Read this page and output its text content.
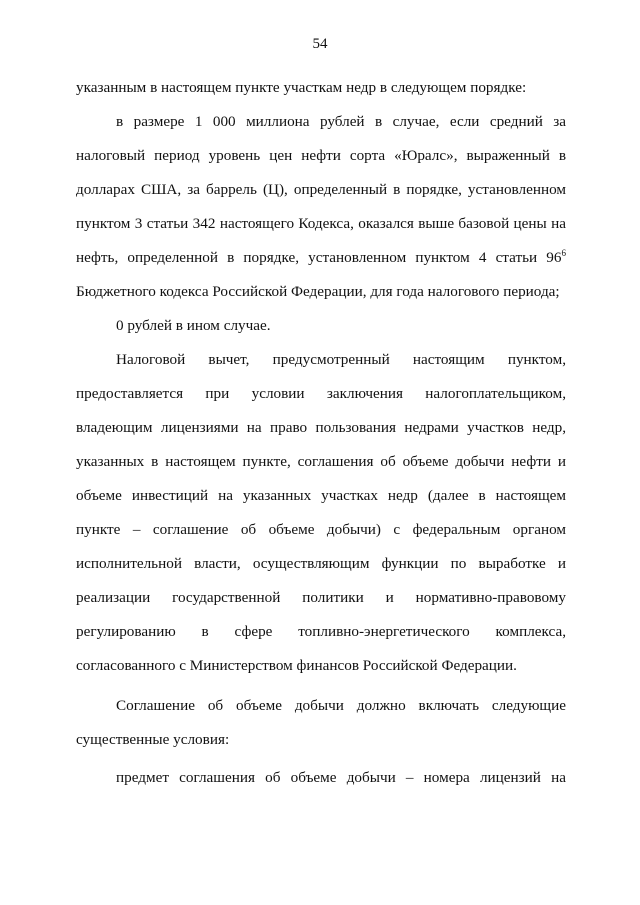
54
указанным в настоящем пункте участкам недр в следующем порядке:
в размере 1 000 миллиона рублей в случае, если средний за
налоговый период уровень цен нефти сорта «Юралс», выраженный в
долларах США, за баррель (Ц), определенный в порядке, установленном
пунктом 3 статьи 342 настоящего Кодекса, оказался выше базовой цены на
нефть, определенной в порядке, установленном пунктом 4 статьи $96^6$
Бюджетного кодекса Российской Федерации, для года налогового периода;
0 рублей в ином случае.
Налоговой вычет, предусмотренный настоящим пунктом,
предоставляется при условии заключения налогоплательщиком,
владеющим лицензиями на право пользования недрами участков недр,
указанных в настоящем пункте, соглашения об объеме добычи нефти и
объеме инвестиций на указанных участках недр (далее в настоящем
пункте – соглашение об объеме добычи) с федеральным органом
исполнительной власти, осуществляющим функции по выработке и
реализации государственной политики и нормативно-правовому
регулированию в сфере топливно-энергетического комплекса,
согласованного с Министерством финансов Российской Федерации.
Соглашение об объеме добычи должно включать следующие
существенные условия:
предмет соглашения об объеме добычи – номера лицензий на
